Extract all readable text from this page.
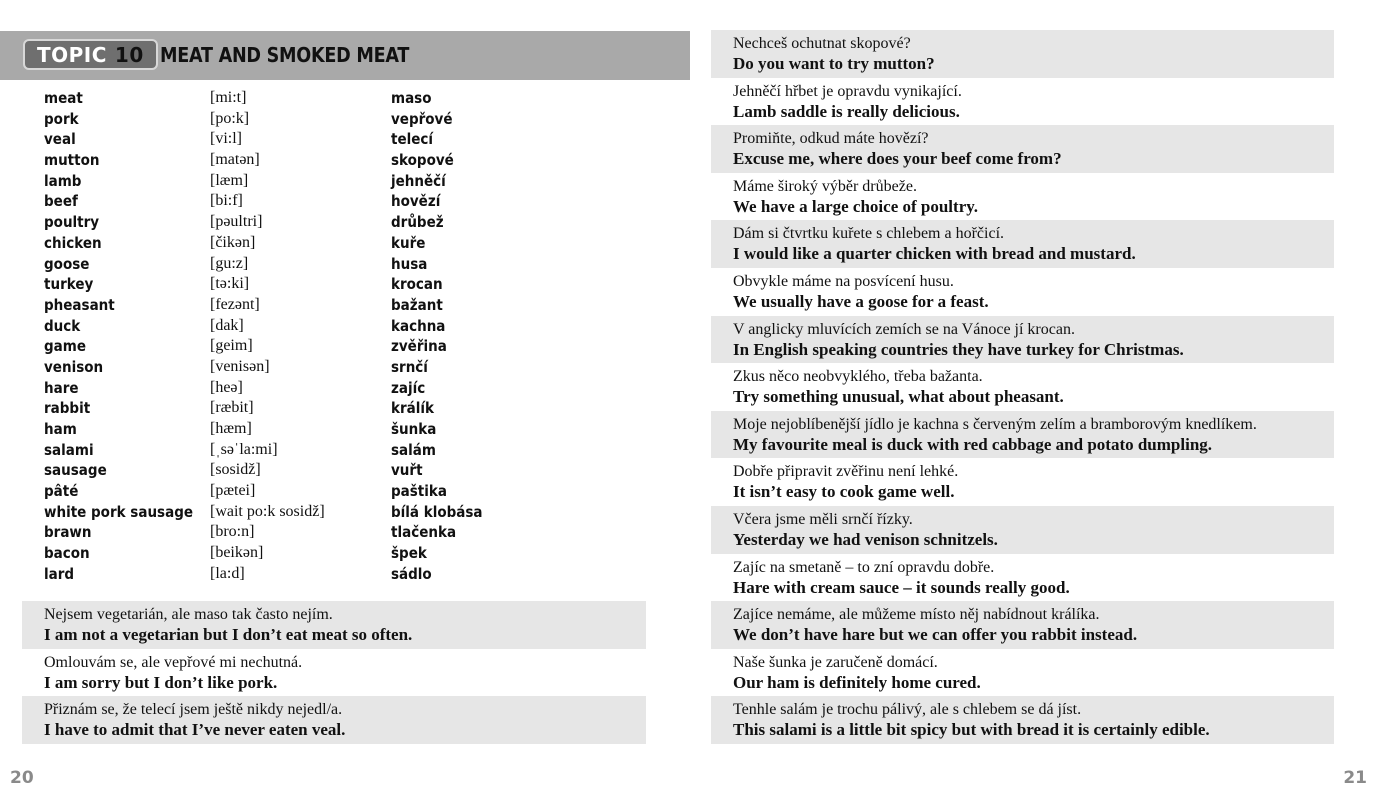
TOPIC 10 MEAT AND SMOKED MEAT
meat	[mi:t]	maso
pork	[po:k]	vepřové
veal	[vi:l]	telecí
mutton	[matən]	skopové
lamb	[læm]	jehněčí
beef	[bi:f]	hovězí
poultry	[pəultri]	drůbež
chicken	[čikən]	kuře
goose	[gu:z]	husa
turkey	[tə:ki]	krocan
pheasant	[fezənt]	bažant
duck	[dak]	kachna
game	[geim]	zvěřina
venison	[venisən]	srnčí
hare	[heə]	zajíc
rabbit	[ræbit]	králík
ham	[hæm]	šunka
salami	[ˌsəˈla:mi]	salám
sausage	[sosidž]	vuřt
pâté	[pætei]	paštika
white pork sausage [wait po:k sosidž]	bílá klobása
brawn	[bro:n]	tlačenka
bacon	[beikən]	špek
lard	[la:d]	sádlo
Nejsem vegetarián, ale maso tak často nejím.
I am not a vegetarian but I don’t eat meat so often.
Omlouvám se, ale vepřové mi nechutná.
I am sorry but I don’t like pork.
Přiznám se, že telecí jsem ještě nikdy nejedl/a.
I have to admit that I’ve never eaten veal.
20
Nechceš ochutnat skopové?
Do you want to try mutton?
Jehněčí hřbet je opravdu vynikající.
Lamb saddle is really delicious.
Promiňte, odkud máte hovězí?
Excuse me, where does your beef come from?
Máme široký výběr drůbeže.
We have a large choice of poultry.
Dám si čtvrtku kuřete s chlebem a hořčicí.
I would like a quarter chicken with bread and mustard.
Obvykle máme na posvícení husu.
We usually have a goose for a feast.
V anglicky mluvících zemích se na Vánoce jí krocan.
In English speaking countries they have turkey for Christmas.
Zkus něco neobvyklého, třeba bažanta.
Try something unusual, what about pheasant.
Moje nejoblíbenější jídlo je kachna s červeným zelím a bramborovým knedlíkem.
My favourite meal is duck with red cabbage and potato dumpling.
Dobře připravit zvěřinu není lehké.
It isn’t easy to cook game well.
Včera jsme měli srnčí řízky.
Yesterday we had venison schnitzels.
Zajíc na smetaně – to zní opravdu dobře.
Hare with cream sauce – it sounds really good.
Zajíce nemáme, ale můžeme místo něj nabídnout králíka.
We don’t have hare but we can offer you rabbit instead.
Naše šunka je zaručeně domácí.
Our ham is definitely home cured.
Tenhle salám je trochu pálivý, ale s chlebem se dá jíst.
This salami is a little bit spicy but with bread it is certainly edible.
21
